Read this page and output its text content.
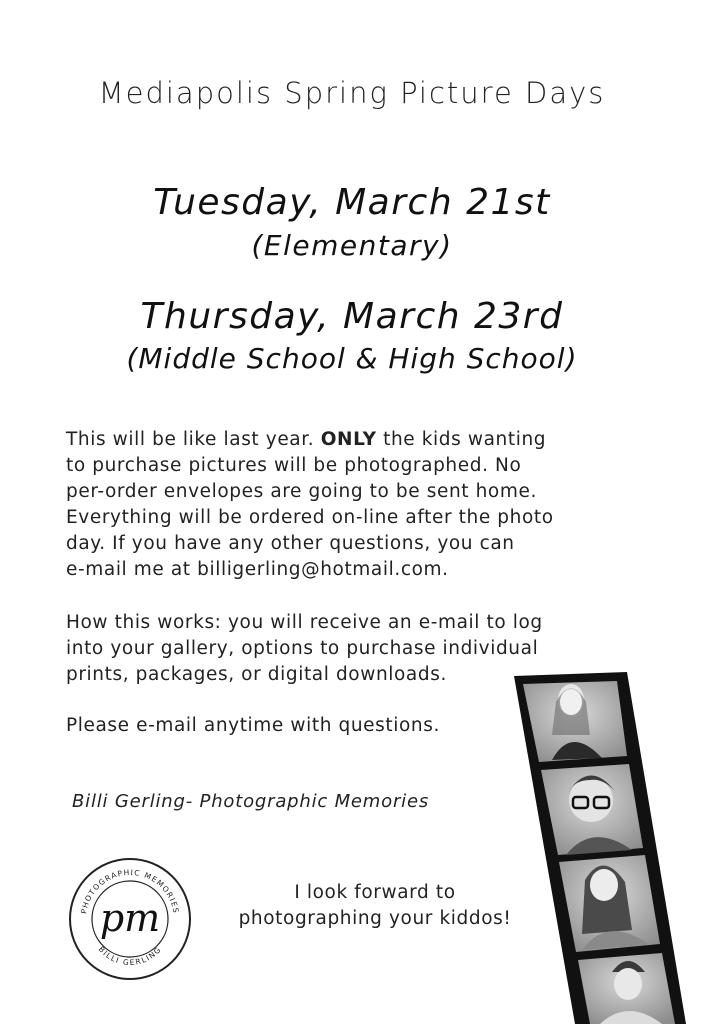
Mediapolis Spring Picture Days
Tuesday, March 21st
(Elementary)
Thursday, March 23rd
(Middle School & High School)
This will be like last year. ONLY the kids wanting
to purchase pictures will be photographed. No
per-order envelopes are going to be sent home.
Everything will be ordered on-line after the photo
day. If you have any other questions, you can
e-mail me at billigerling@hotmail.com.
How this works: you will receive an e-mail to log
into your gallery, options to purchase individual
prints, packages, or digital downloads.
Please e-mail anytime with questions.
Billi Gerling- Photographic Memories
I look forward to
photographing your kiddos!
PHOTOGRAPHIC MEMORIES
BILLI GERLING
pm
